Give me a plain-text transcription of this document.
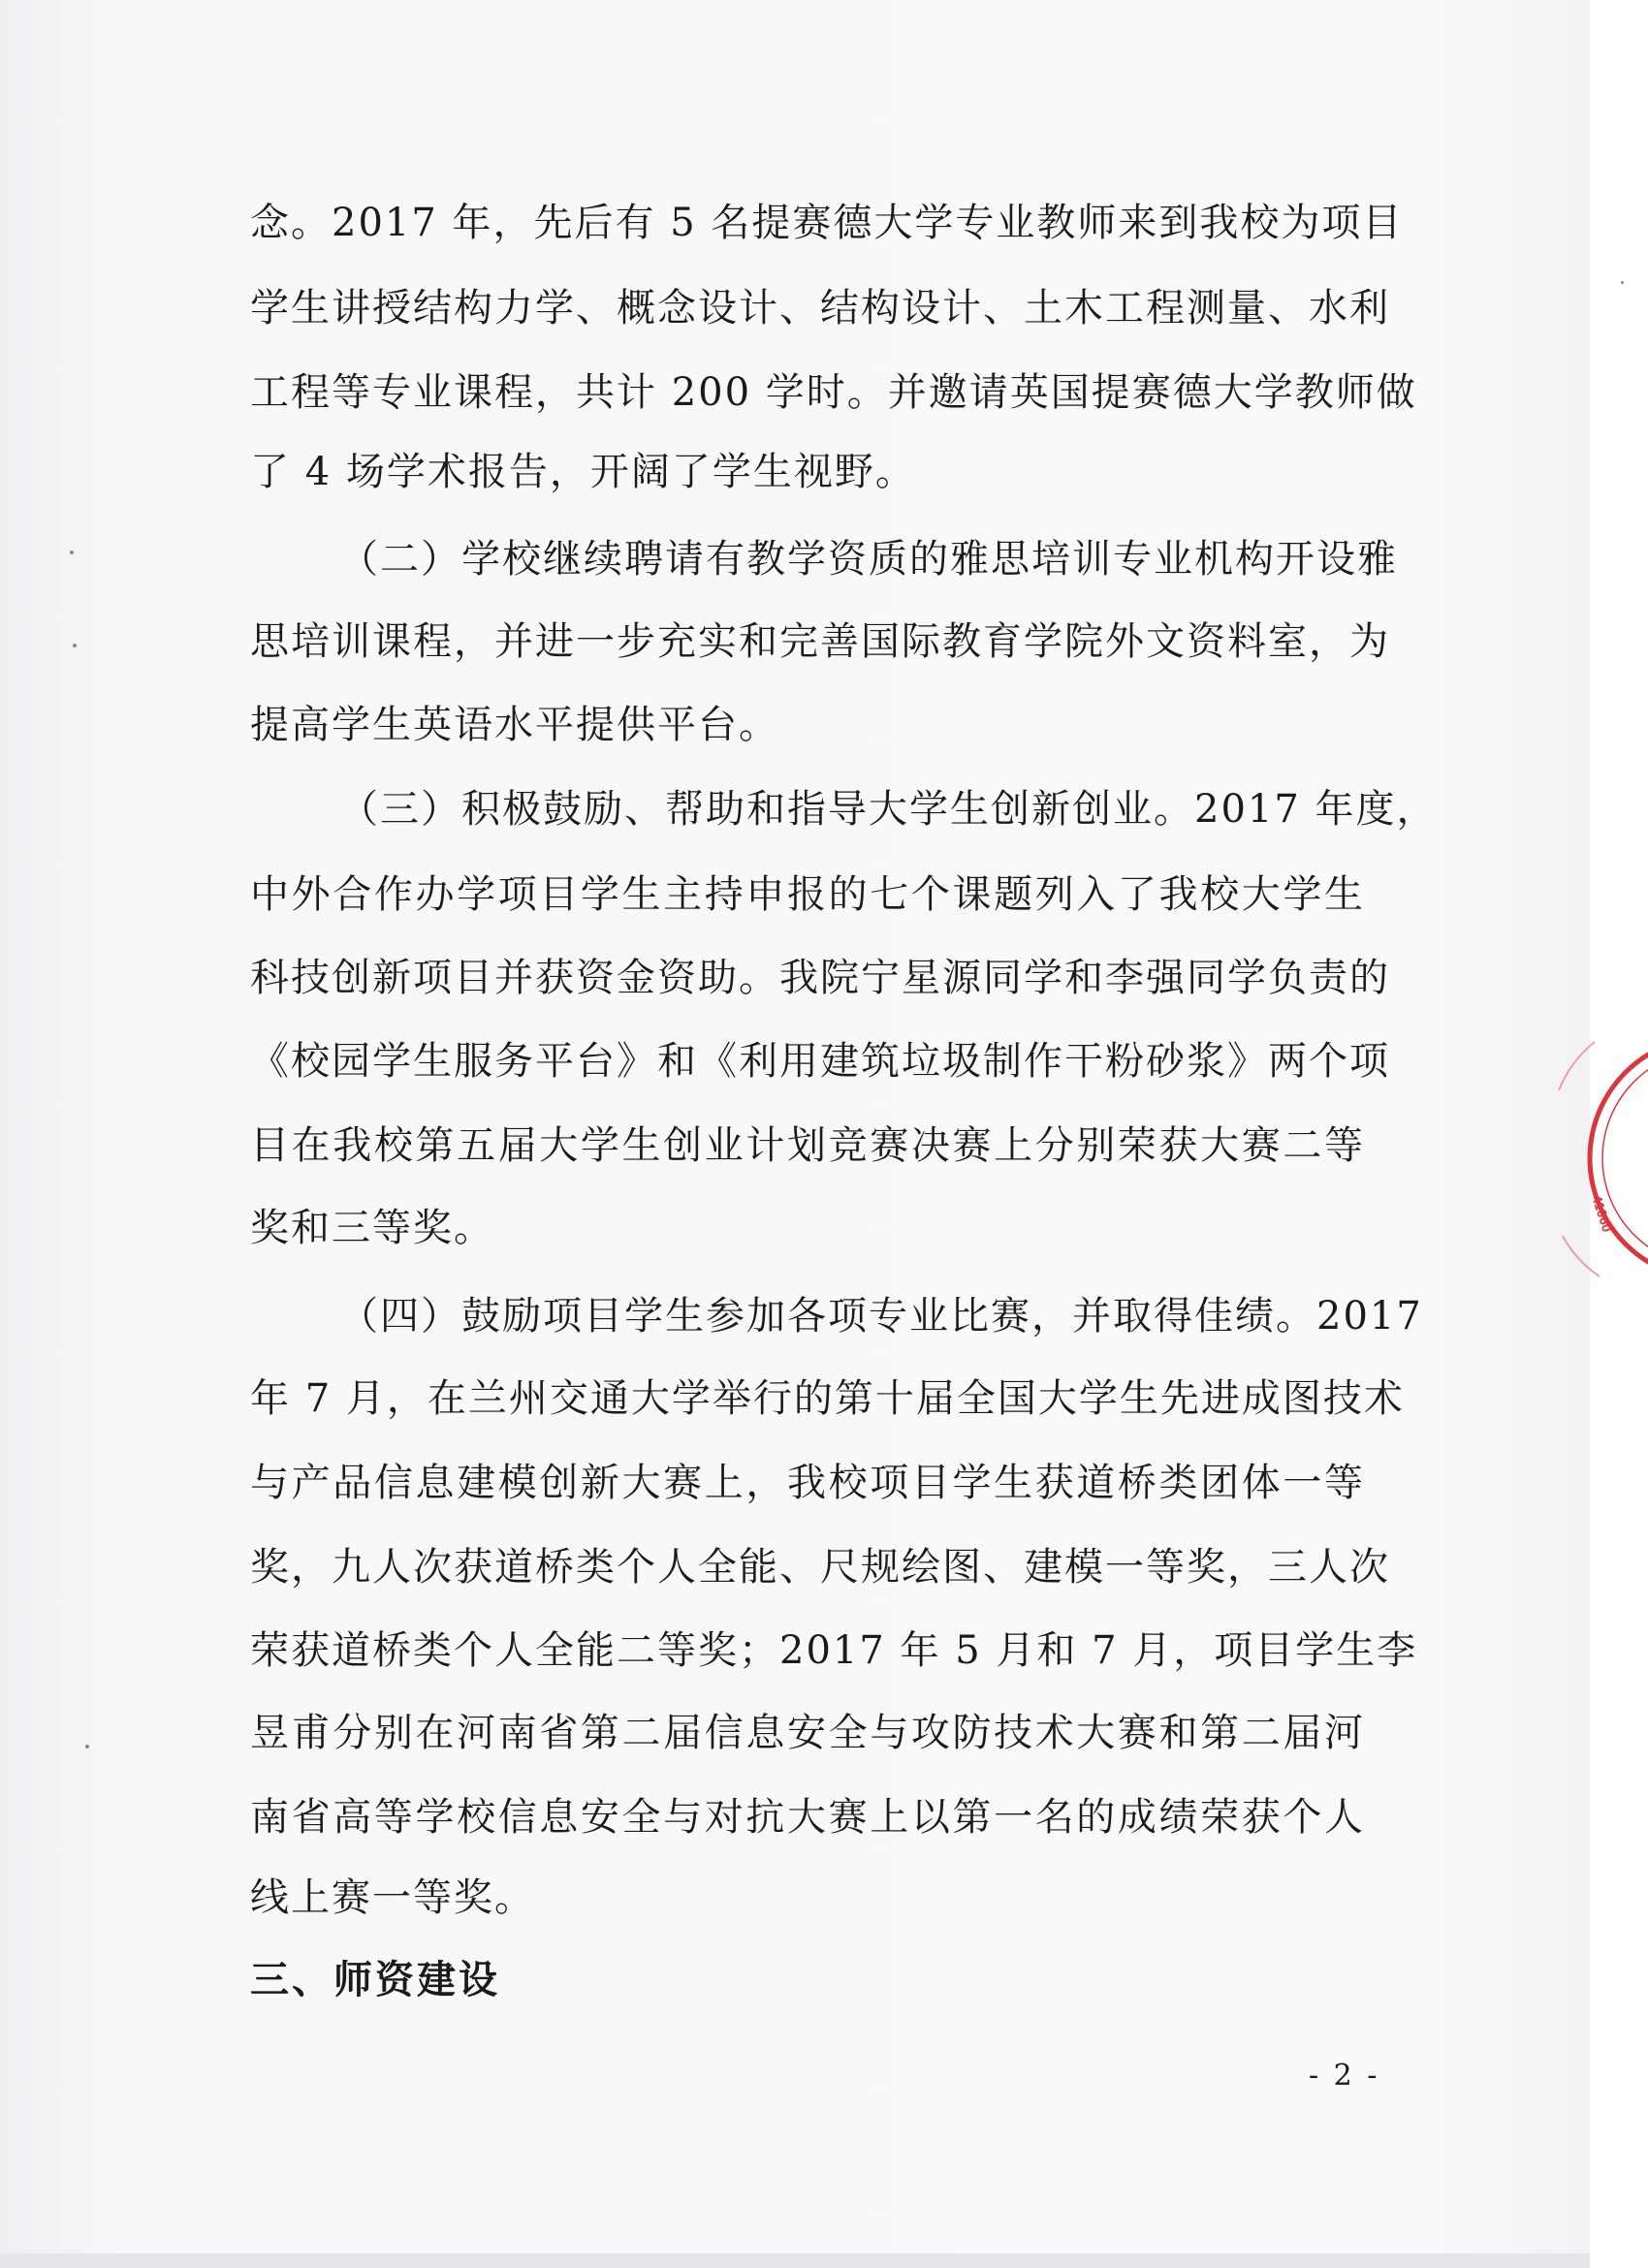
念。2017 年，先后有 5 名提赛德大学专业教师来到我校为项目
学生讲授结构力学、概念设计、结构设计、土木工程测量、水利
工程等专业课程，共计 200 学时。并邀请英国提赛德大学教师做
了 4 场学术报告，开阔了学生视野。
（二）学校继续聘请有教学资质的雅思培训专业机构开设雅
思培训课程，并进一步充实和完善国际教育学院外文资料室，为
提高学生英语水平提供平台。
（三）积极鼓励、帮助和指导大学生创新创业。2017 年度，
中外合作办学项目学生主持申报的七个课题列入了我校大学生
科技创新项目并获资金资助。我院宁星源同学和李强同学负责的
《校园学生服务平台》和《利用建筑垃圾制作干粉砂浆》两个项
目在我校第五届大学生创业计划竞赛决赛上分别荣获大赛二等
奖和三等奖。
（四）鼓励项目学生参加各项专业比赛，并取得佳绩。2017
年 7 月，在兰州交通大学举行的第十届全国大学生先进成图技术
与产品信息建模创新大赛上，我校项目学生获道桥类团体一等
奖，九人次获道桥类个人全能、尺规绘图、建模一等奖，三人次
荣获道桥类个人全能二等奖；2017 年 5 月和 7 月，项目学生李
昱甫分别在河南省第二届信息安全与攻防技术大赛和第二届河
南省高等学校信息安全与对抗大赛上以第一名的成绩荣获个人
线上赛一等奖。
三、师资建设
- 2 -
41060
